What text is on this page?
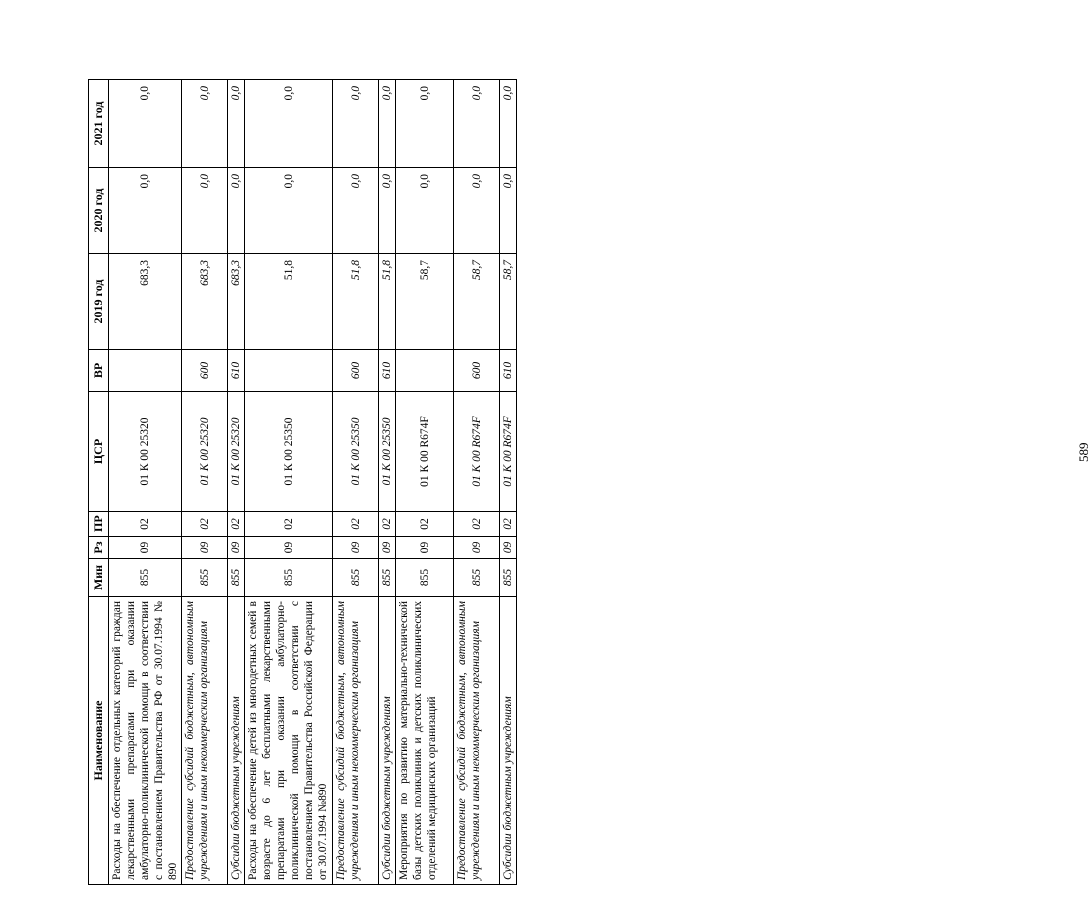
589
Наименование	Мин	Рз	ПР	ЦСР	ВР	2019 год	2020 год	2021 год
Расходы на обеспечение отдельных категорий граждан лекарственными препаратами при оказании амбулаторно-поликлинической помощи в соответствии с постановлением Правительства РФ от 30.07.1994 № 890	855	09	02	01 К 00 25320		683,3	0,0	0,0
Предоставление субсидий бюджетным, автономным учреждениям и иным некоммерческим организациям	855	09	02	01 К 00 25320	600	683,3	0,0	0,0
Субсидии бюджетным учреждениям	855	09	02	01 К 00 25320	610	683,3	0,0	0,0
Расходы на обеспечение детей из многодетных семей в возрасте до 6 лет бесплатными лекарственными препаратами при оказании амбулаторно-поликлинической помощи в соответствии с постановлением Правительства Российской Федерации от 30.07.1994 №890	855	09	02	01 К 00 25350		51,8	0,0	0,0
Предоставление субсидий бюджетным, автономным учреждениям и иным некоммерческим организациям	855	09	02	01 К 00 25350	600	51,8	0,0	0,0
Субсидии бюджетным учреждениям	855	09	02	01 К 00 25350	610	51,8	0,0	0,0
Мероприятия по развитию материально-технической базы детских поликлиник и детских поликлинических отделений медицинских организаций	855	09	02	01 К 00 R674F		58,7	0,0	0,0
Предоставление субсидий бюджетным, автономным учреждениям и иным некоммерческим организациям	855	09	02	01 К 00 R674F	600	58,7	0,0	0,0
Субсидии бюджетным учреждениям	855	09	02	01 К 00 R674F	610	58,7	0,0	0,0
